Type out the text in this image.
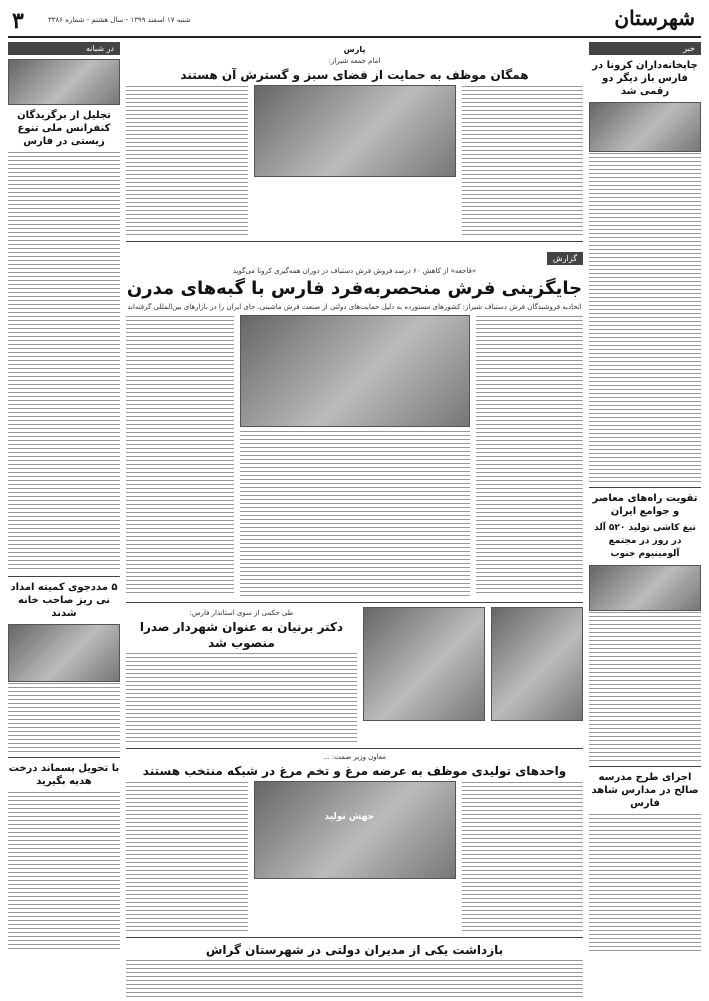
۳	شنبه ۱۷ اسفند ۱۳۹۹ - سال هشتم - شماره ۳۳۸۶	شهرستان
خبر
چاپخانه‌داران کرونا در فارس باز دیگر دو رقمی شد
تقویت راه‌های معاصر و جوامع ایران
تیغ کاشی تولید ۵۲۰ آلد در روز در مجتمع آلومینیوم جنوب
اجرای طرح مدرسه صالح در مدارس شاهد فارس
در شبانه
تجلیل از برگزیدگان کنفرانس ملی تنوع زیستی در فارس
۵ مددجوی کمیته امداد نی ریز صاحب خانه شدند
با تحویل پسماند درخت هدیه بگیرید
پارس
امام جمعه شیراز:
همگان موظف به حمایت از فضای سبز و گسترش آن هستند
گزارش
«فاجعه» از کاهش ۶۰ درصد فروش فرش دستباف در دوران همه‌گیری کرونا می‌گوید
جایگزینی فرش منحصربه‌فرد فارس با گبه‌های مدرن
اتحادیه فروشندگان فرش دستباف شیراز: کشورهای مستورده به دلیل حمایت‌های دولتی از صنعت فرش ماشینی، جای ایران را در بازارهای بین‌المللی گرفته‌اند
طی حکمی از سوی استاندار فارس:
دکتر برنیان به عنوان شهردار صدرا منصوب شد
معاون وزیر صمت: ...
واحدهای تولیدی موظف به عرضه مرغ و تخم مرغ در شبکه منتخب هستند
جهش تولید
بازداشت یکی از مدیران دولتی در شهرستان گراش
